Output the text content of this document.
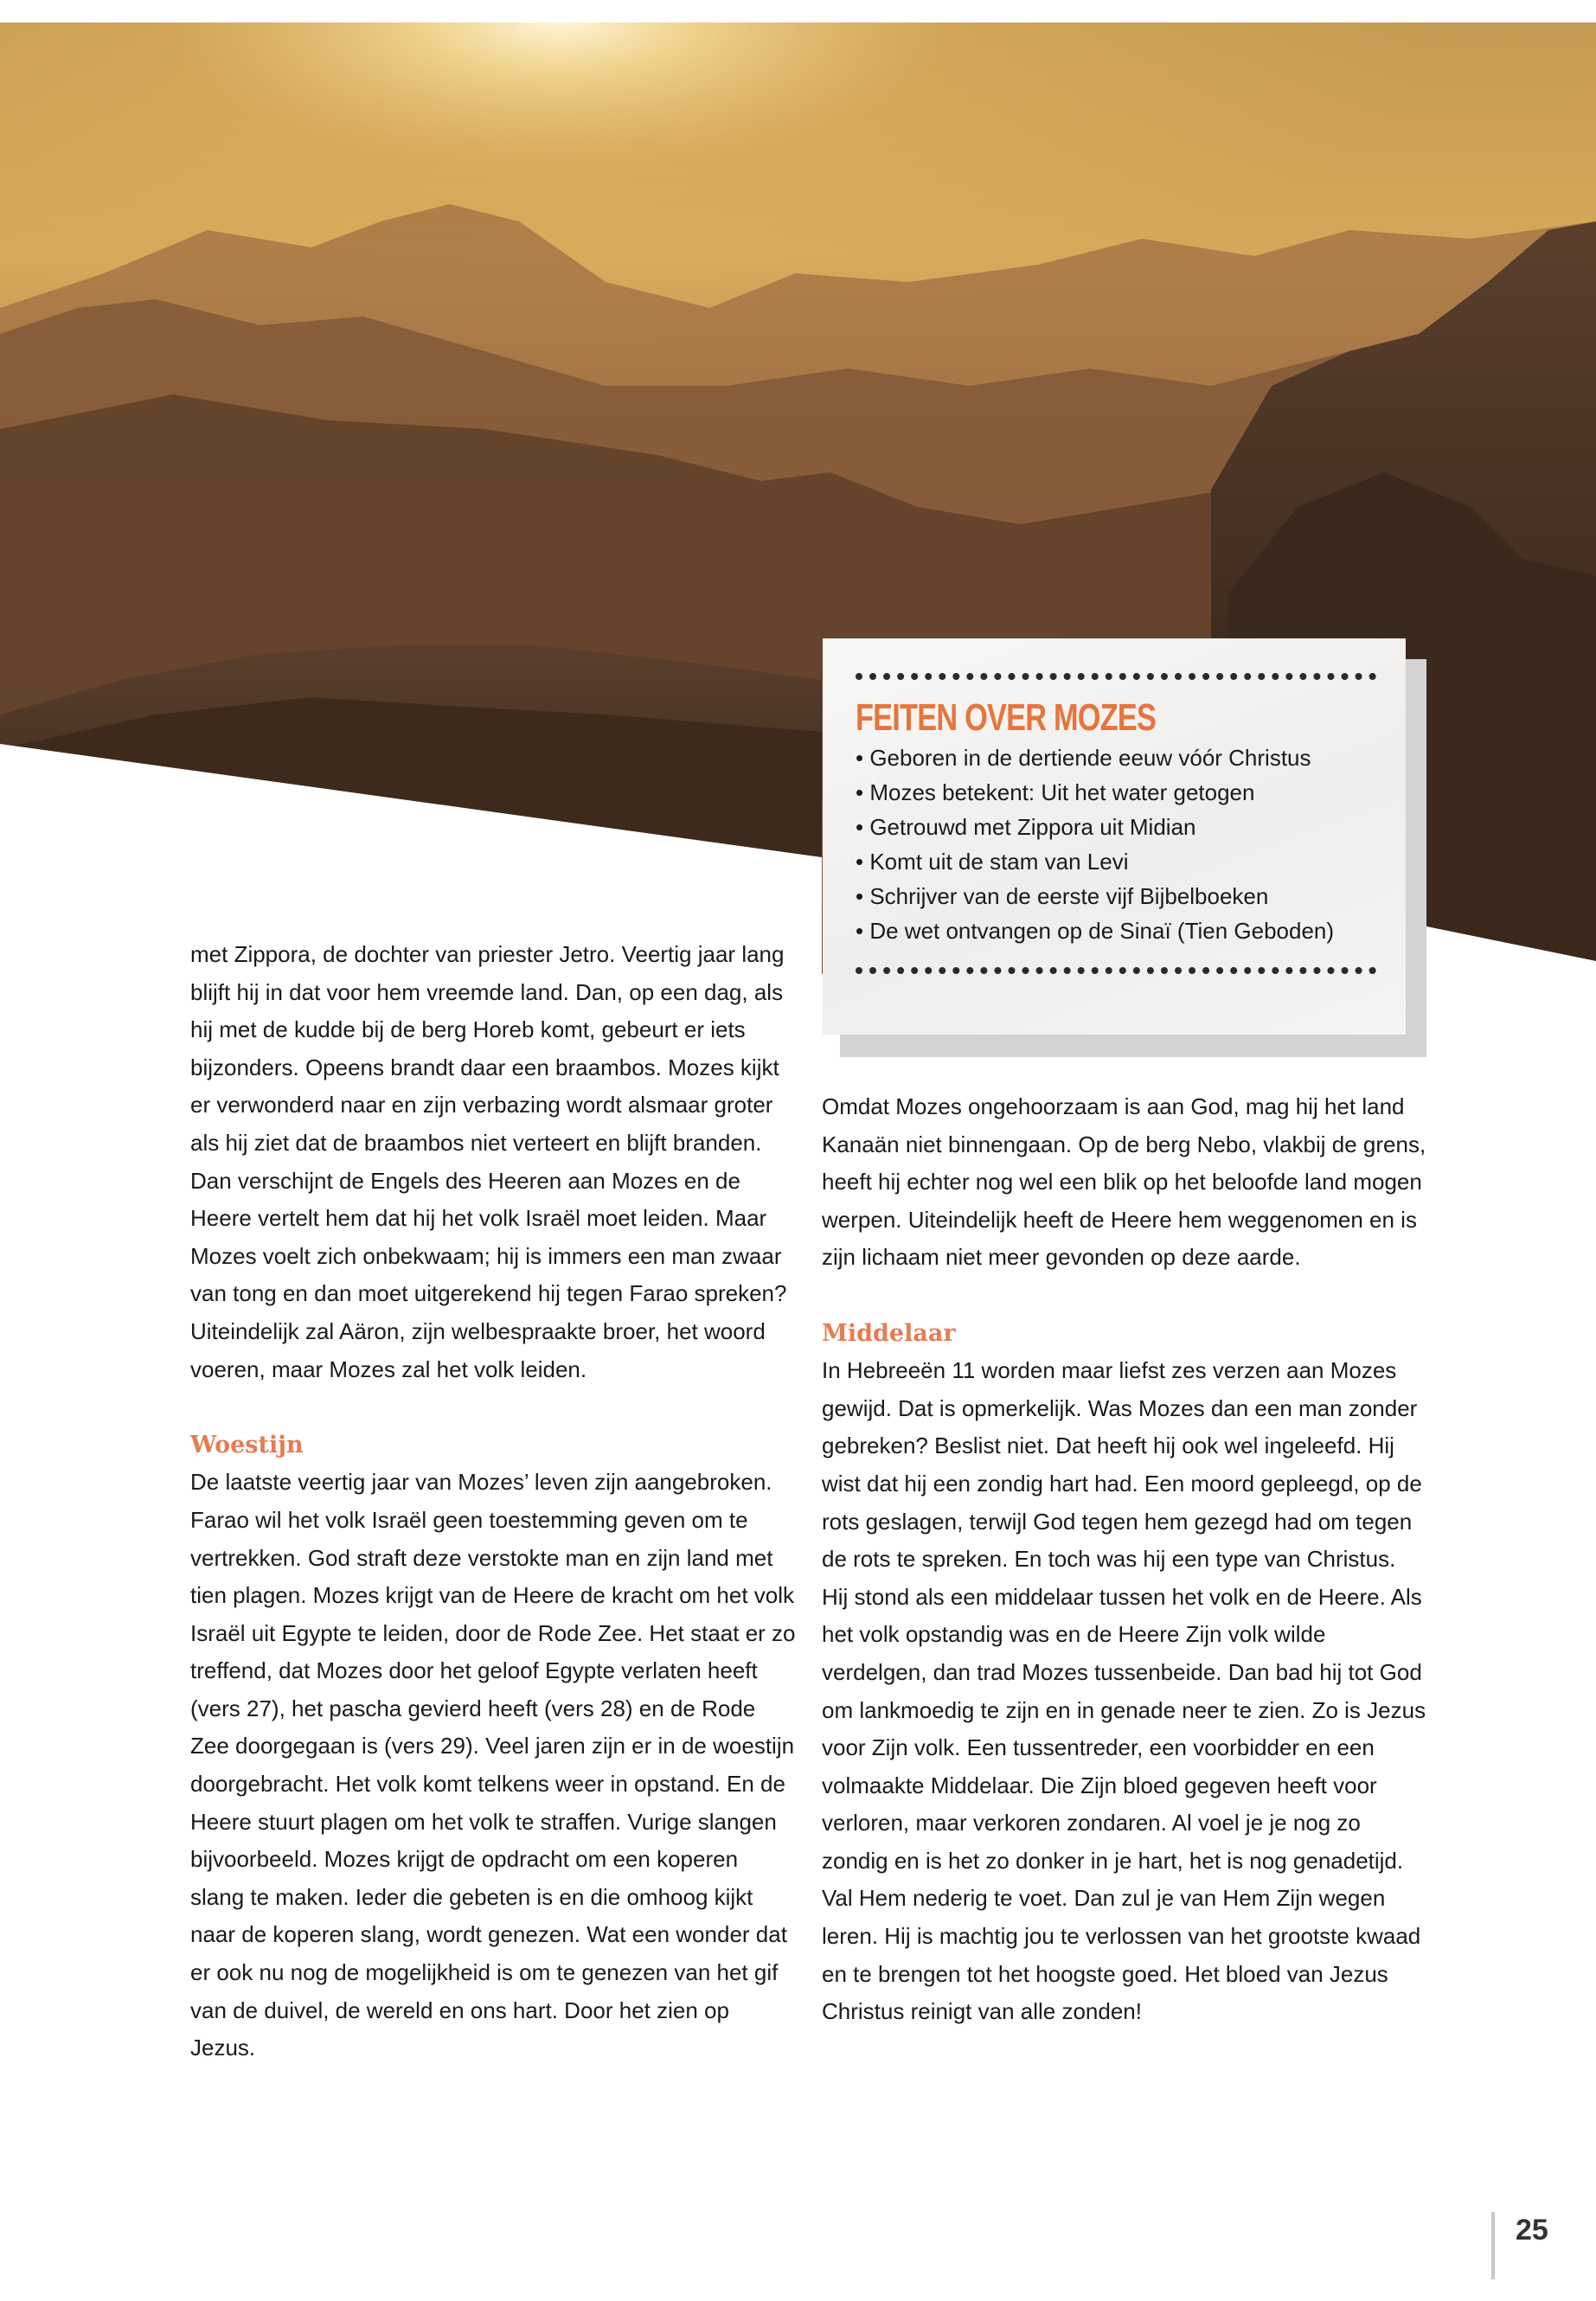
FEITEN OVER MOZES
• Geboren in de dertiende eeuw vóór Christus
• Mozes betekent: Uit het water getogen
• Getrouwd met Zippora uit Midian
• Komt uit de stam van Levi
• Schrijver van de eerste vijf Bijbelboeken
• De wet ontvangen op de Sinaï (Tien Geboden)

met Zippora, de dochter van priester Jetro. Veertig jaar lang blijft hij in dat voor hem vreemde land. Dan, op een dag, als hij met de kudde bij de berg Horeb komt, gebeurt er iets bijzonders. Opeens brandt daar een braambos. Mozes kijkt er verwonderd naar en zijn verbazing wordt alsmaar groter als hij ziet dat de braambos niet verteert en blijft branden. Dan verschijnt de Engels des Heeren aan Mozes en de Heere vertelt hem dat hij het volk Israël moet leiden. Maar Mozes voelt zich onbekwaam; hij is immers een man zwaar van tong en dan moet uitgerekend hij tegen Farao spreken? Uiteindelijk zal Aäron, zijn welbespraakte broer, het woord voeren, maar Mozes zal het volk leiden.

Woestijn

De laatste veertig jaar van Mozes’ leven zijn aangebroken. Farao wil het volk Israël geen toestemming geven om te vertrekken. God straft deze verstokte man en zijn land met tien plagen. Mozes krijgt van de Heere de kracht om het volk Israël uit Egypte te leiden, door de Rode Zee. Het staat er zo treffend, dat Mozes door het geloof Egypte verlaten heeft (vers 27), het pascha gevierd heeft (vers 28) en de Rode Zee doorgegaan is (vers 29). Veel jaren zijn er in de woestijn doorgebracht. Het volk komt telkens weer in opstand. En de Heere stuurt plagen om het volk te straffen. Vurige slangen bijvoorbeeld. Mozes krijgt de opdracht om een koperen slang te maken. Ieder die gebeten is en die omhoog kijkt naar de koperen slang, wordt genezen. Wat een wonder dat er ook nu nog de mogelijkheid is om te genezen van het gif van de duivel, de wereld en ons hart. Door het zien op Jezus.

Omdat Mozes ongehoorzaam is aan God, mag hij het land Kanaän niet binnengaan. Op de berg Nebo, vlakbij de grens, heeft hij echter nog wel een blik op het beloofde land mogen werpen. Uiteindelijk heeft de Heere hem weggenomen en is zijn lichaam niet meer gevonden op deze aarde.

Middelaar

In Hebreeën 11 worden maar liefst zes verzen aan Mozes gewijd. Dat is opmerkelijk. Was Mozes dan een man zonder gebreken? Beslist niet. Dat heeft hij ook wel ingeleefd. Hij wist dat hij een zondig hart had. Een moord gepleegd, op de rots geslagen, terwijl God tegen hem gezegd had om tegen de rots te spreken. En toch was hij een type van Christus. Hij stond als een middelaar tussen het volk en de Heere. Als het volk opstandig was en de Heere Zijn volk wilde verdelgen, dan trad Mozes tussenbeide. Dan bad hij tot God om lankmoedig te zijn en in genade neer te zien. Zo is Jezus voor Zijn volk. Een tussentreder, een voorbidder en een volmaakte Middelaar. Die Zijn bloed gegeven heeft voor verloren, maar verkoren zondaren. Al voel je je nog zo zondig en is het zo donker in je hart, het is nog genadetijd. Val Hem nederig te voet. Dan zul je van Hem Zijn wegen leren. Hij is machtig jou te verlossen van het grootste kwaad en te brengen tot het hoogste goed. Het bloed van Jezus Christus reinigt van alle zonden!

25
